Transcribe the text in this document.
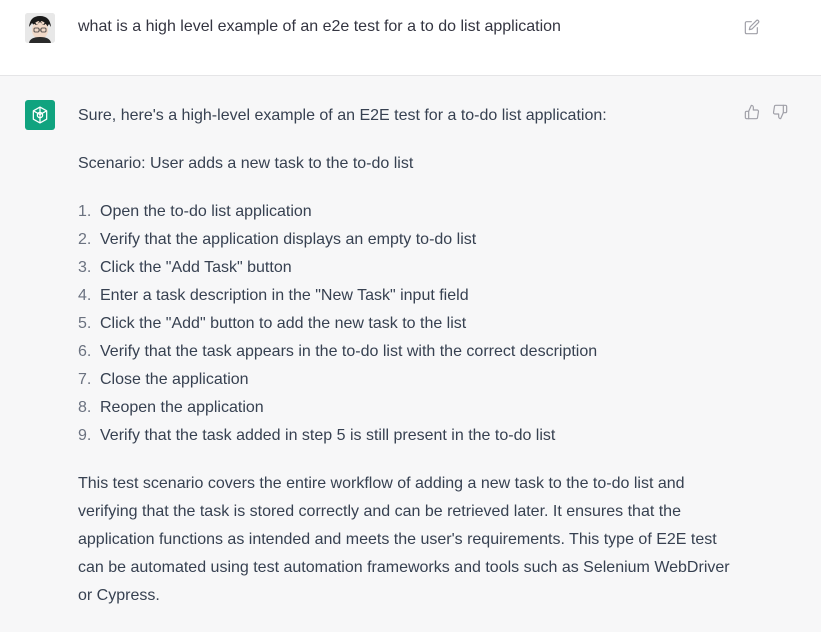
what is a high level example of an e2e test for a to do list application

Sure, here's a high-level example of an E2E test for a to-do list application:

Scenario: User adds a new task to the to-do list

1. Open the to-do list application
2. Verify that the application displays an empty to-do list
3. Click the "Add Task" button
4. Enter a task description in the "New Task" input field
5. Click the "Add" button to add the new task to the list
6. Verify that the task appears in the to-do list with the correct description
7. Close the application
8. Reopen the application
9. Verify that the task added in step 5 is still present in the to-do list

This test scenario covers the entire workflow of adding a new task to the to-do list and verifying that the task is stored correctly and can be retrieved later. It ensures that the application functions as intended and meets the user's requirements. This type of E2E test can be automated using test automation frameworks and tools such as Selenium WebDriver or Cypress.
